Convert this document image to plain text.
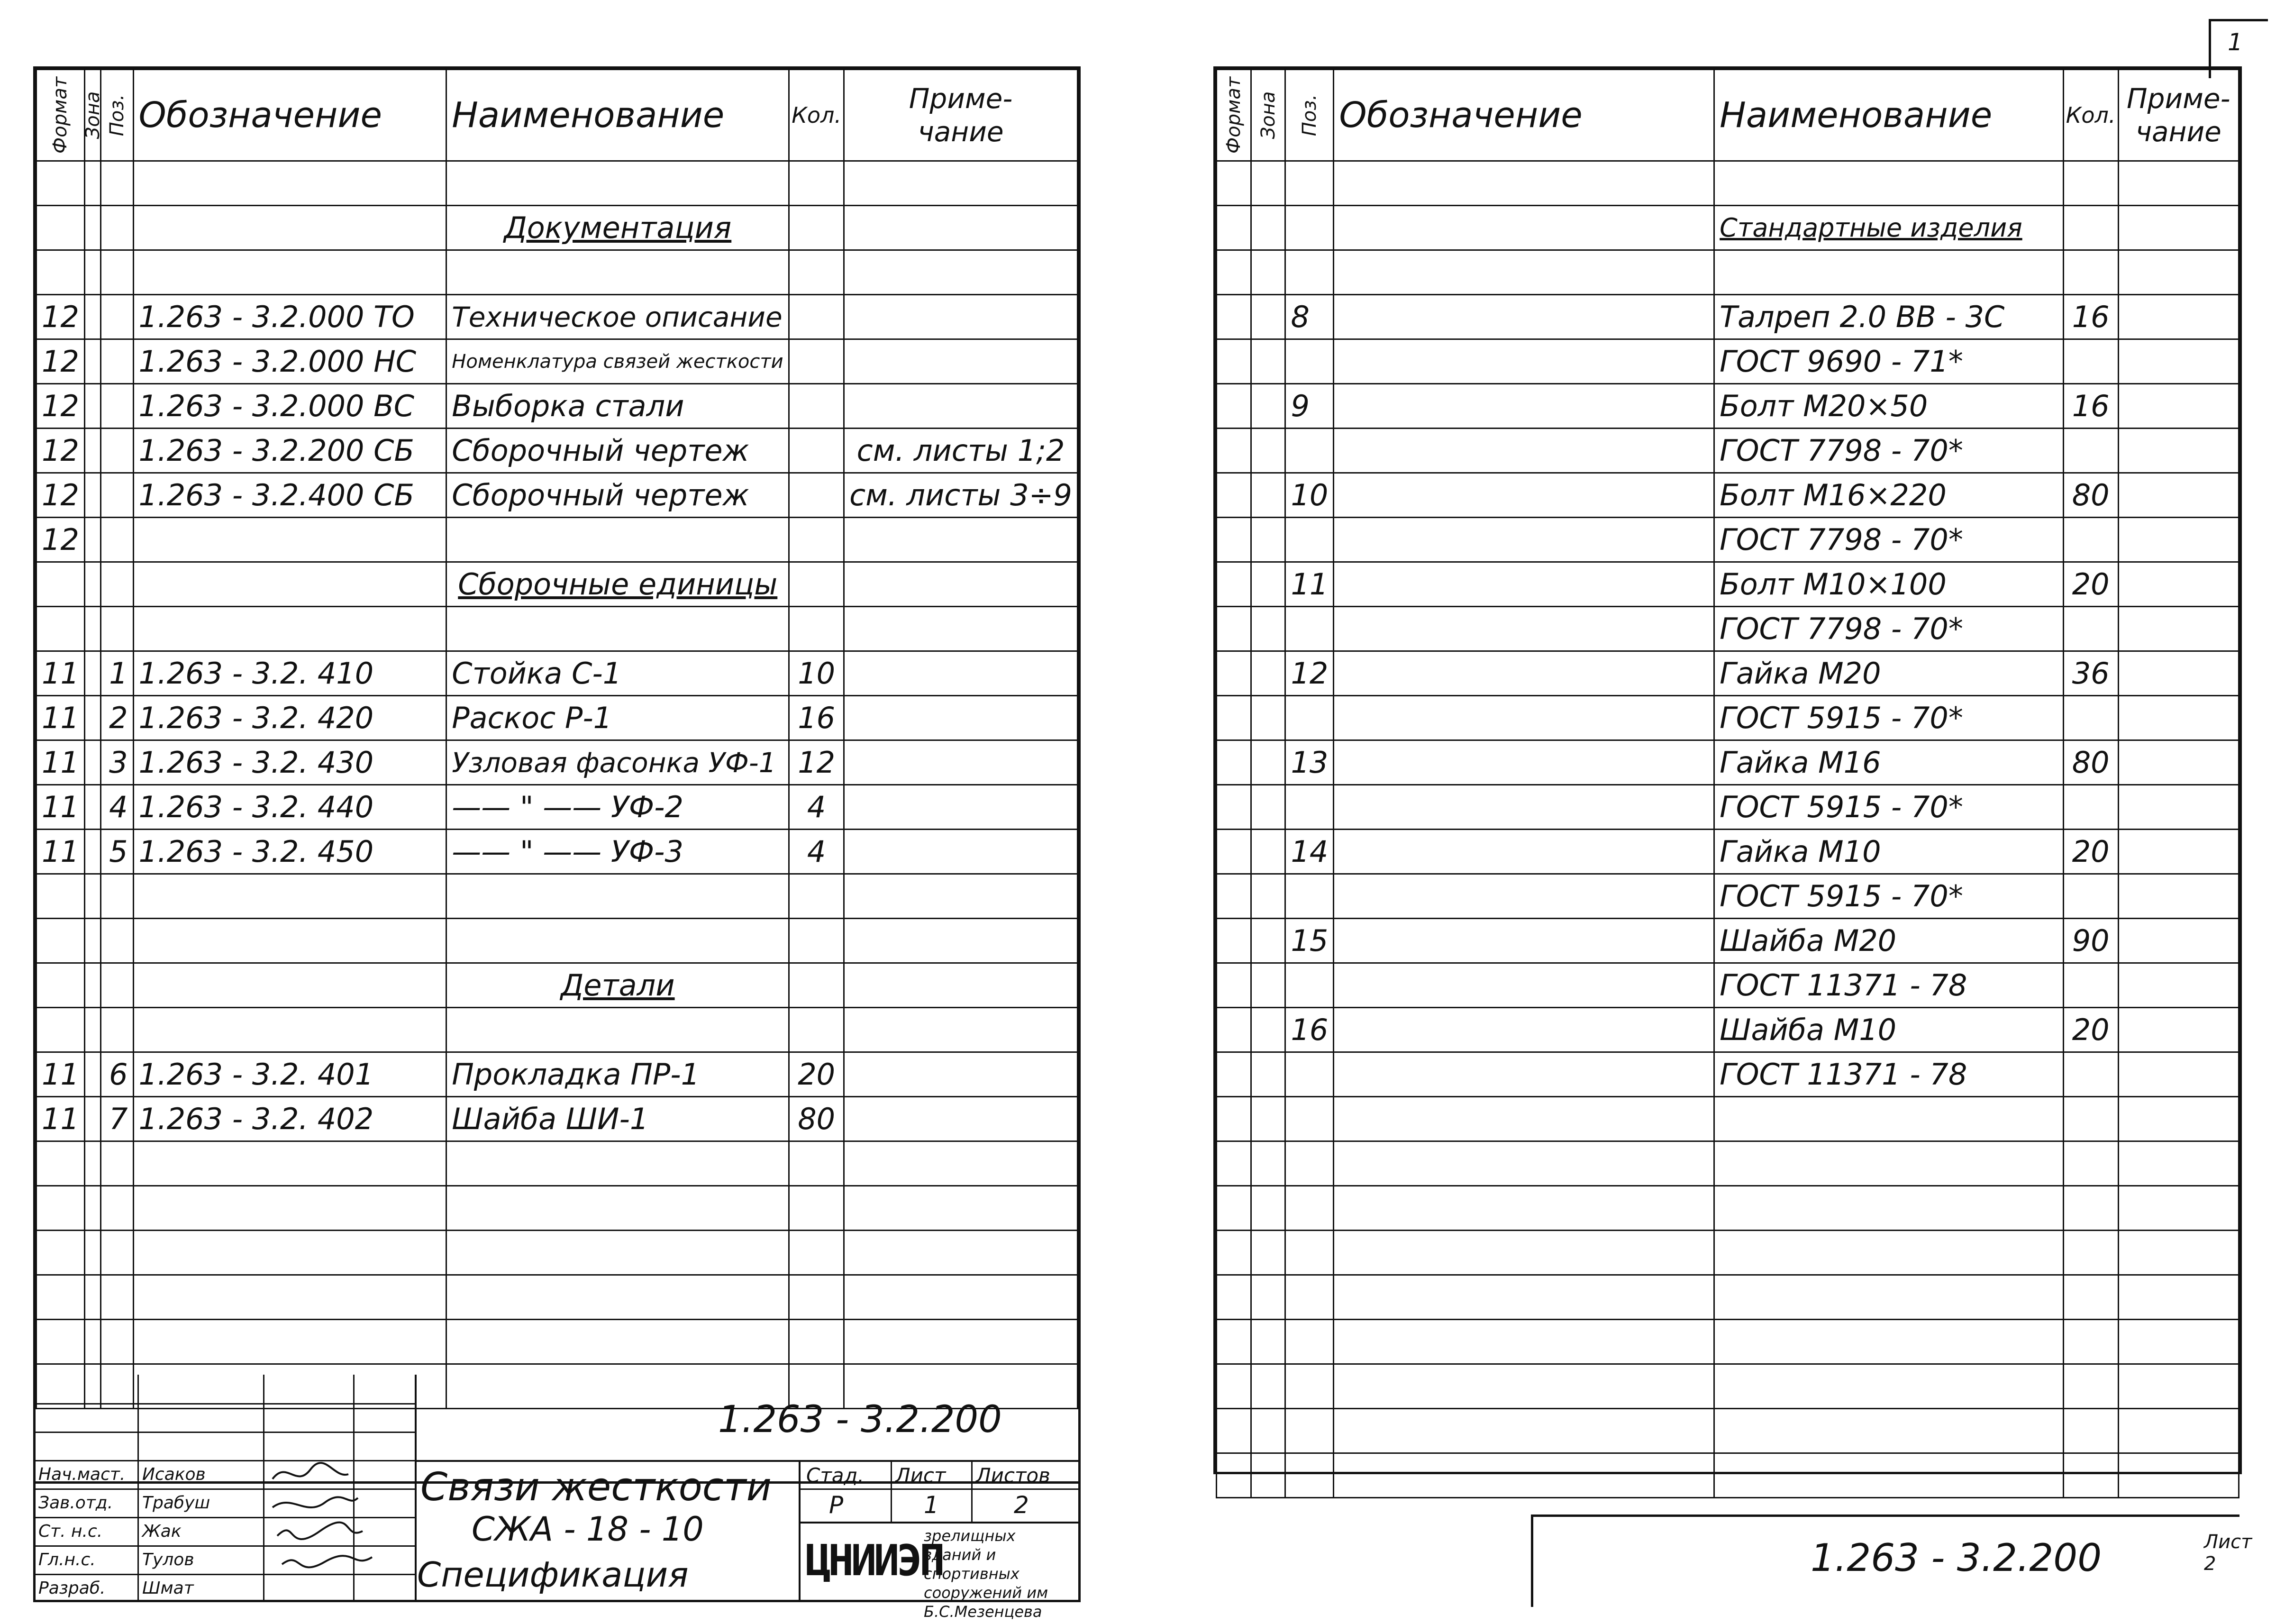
Формат	Зона	Поз.	Обозначение	Наименование	Кол.	Приме-
чание

				Документация		

12			1.263 - 3.2.000 ТО	Техническое описание		
12			1.263 - 3.2.000 НС	Номенклатура связей жесткости		
12			1.263 - 3.2.000 ВС	Выборка стали		
12			1.263 - 3.2.200 СБ	Сборочный чертеж		см. листы 1;2
12			1.263 - 3.2.400 СБ	Сборочный чертеж		см. листы 3÷9
12						
				Сборочные единицы		

11		1	1.263 - 3.2. 410	Стойка С-1	10	
11		2	1.263 - 3.2. 420	Раскос Р-1	16	
11		3	1.263 - 3.2. 430	Узловая фасонка УФ-1	12	
11		4	1.263 - 3.2. 440	—— " —— УФ-2	4	
11		5	1.263 - 3.2. 450	—— " —— УФ-3	4	

				Детали		

11		6	1.263 - 3.2. 401	Прокладка ПР-1	20	
11		7	1.263 - 3.2. 402	Шайба ШИ-1	80	

Нач.маст. Исаков
Зав.отд. Трабуш
Ст. н.с. Жак
Гл.н.с.	Тулов
Разраб. Шмат
1.263 - 3.2.200
Связи жесткости
СЖА - 18 - 10
Спецификация
Стад. Лист Листов
Р	1	2
ЦНИИЭП
зрелищных зданий и спортивных сооружений им Б.С.Мезенцева
Формат	Зона	Поз.	Обозначение	Наименование	Кол.	Приме-
чание

				Стандартные изделия		

		8		Талреп 2.0 ВВ - 3С	16	
				ГОСТ 9690 - 71*		
		9		Болт М20×50	16	
				ГОСТ 7798 - 70*		
		10		Болт М16×220	80	
				ГОСТ 7798 - 70*		
		11		Болт М10×100	20	
				ГОСТ 7798 - 70*		
		12		Гайка М20	36	
				ГОСТ 5915 - 70*		
		13		Гайка М16	80	
				ГОСТ 5915 - 70*		
		14		Гайка М10	20	
				ГОСТ 5915 - 70*		
		15		Шайба М20	90	
				ГОСТ 11371 - 78		
		16		Шайба М10	20	
				ГОСТ 11371 - 78		

1.263 - 3.2.200	Лист
2
1
